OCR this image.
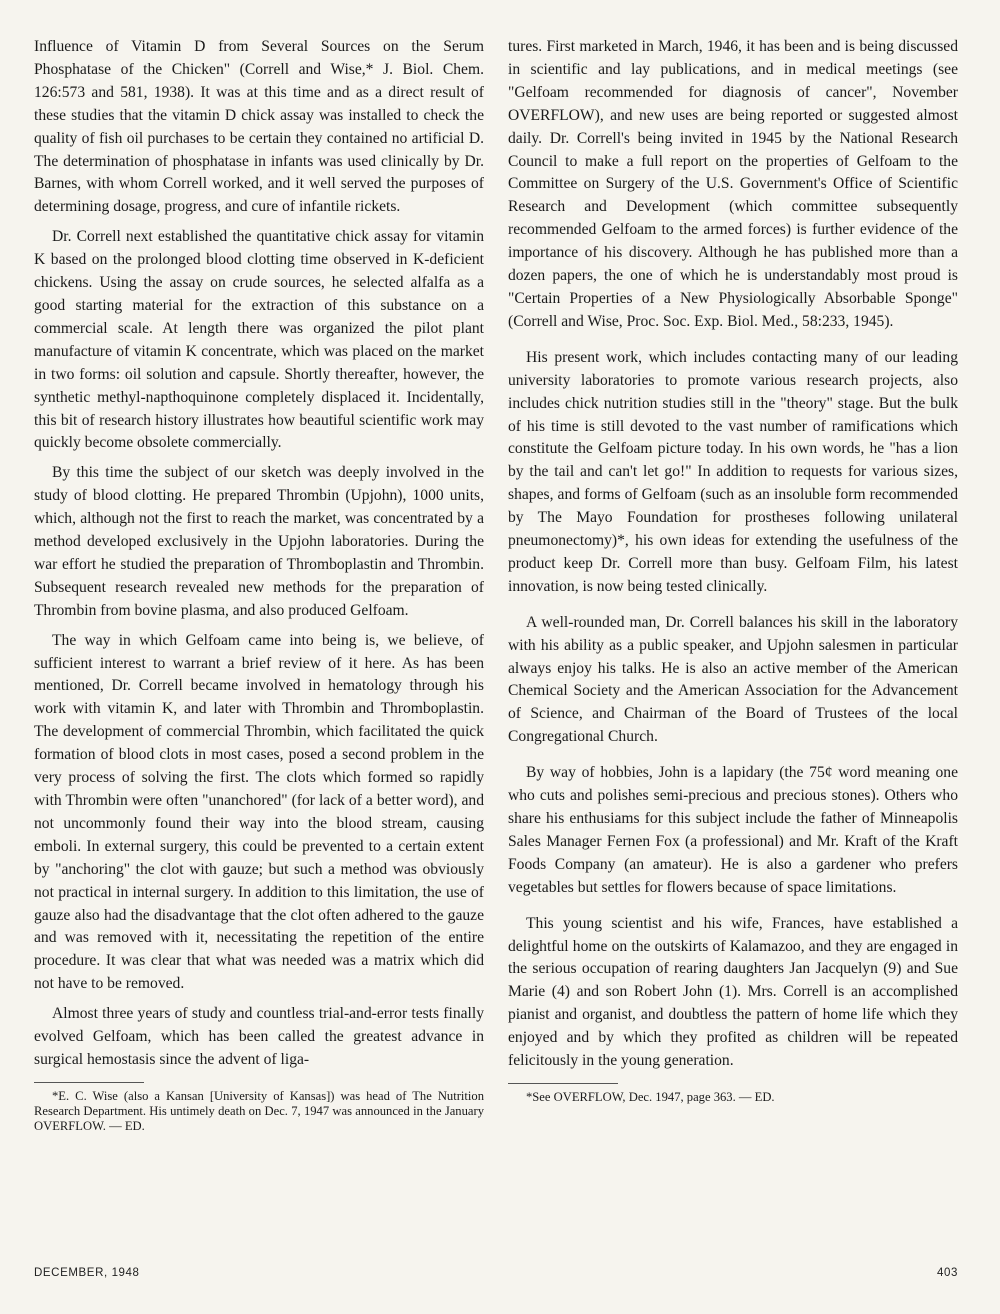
Influence of Vitamin D from Several Sources on the Serum Phosphatase of the Chicken" (Correll and Wise,* J. Biol. Chem. 126:573 and 581, 1938). It was at this time and as a direct result of these studies that the vitamin D chick assay was installed to check the quality of fish oil purchases to be certain they contained no artificial D. The determination of phosphatase in infants was used clinically by Dr. Barnes, with whom Correll worked, and it well served the purposes of determining dosage, progress, and cure of infantile rickets.

Dr. Correll next established the quantitative chick assay for vitamin K based on the prolonged blood clotting time observed in K-deficient chickens. Using the assay on crude sources, he selected alfalfa as a good starting material for the extraction of this substance on a commercial scale. At length there was organized the pilot plant manufacture of vitamin K concentrate, which was placed on the market in two forms: oil solution and capsule. Shortly thereafter, however, the synthetic methyl-napthoquinone completely displaced it. Incidentally, this bit of research history illustrates how beautiful scientific work may quickly become obsolete commercially.

By this time the subject of our sketch was deeply involved in the study of blood clotting. He prepared Thrombin (Upjohn), 1000 units, which, although not the first to reach the market, was concentrated by a method developed exclusively in the Upjohn laboratories. During the war effort he studied the preparation of Thromboplastin and Thrombin. Subsequent research revealed new methods for the preparation of Thrombin from bovine plasma, and also produced Gelfoam.

The way in which Gelfoam came into being is, we believe, of sufficient interest to warrant a brief review of it here. As has been mentioned, Dr. Correll became involved in hematology through his work with vitamin K, and later with Thrombin and Thromboplastin. The development of commercial Thrombin, which facilitated the quick formation of blood clots in most cases, posed a second problem in the very process of solving the first. The clots which formed so rapidly with Thrombin were often "unanchored" (for lack of a better word), and not uncommonly found their way into the blood stream, causing emboli. In external surgery, this could be prevented to a certain extent by "anchoring" the clot with gauze; but such a method was obviously not practical in internal surgery. In addition to this limitation, the use of gauze also had the disadvantage that the clot often adhered to the gauze and was removed with it, necessitating the repetition of the entire procedure. It was clear that what was needed was a matrix which did not have to be removed.

Almost three years of study and countless trial-and-error tests finally evolved Gelfoam, which has been called the greatest advance in surgical hemostasis since the advent of liga-

*E. C. Wise (also a Kansan [University of Kansas]) was head of The Nutrition Research Department. His untimely death on Dec. 7, 1947 was announced in the January OVERFLOW. — ED.

tures. First marketed in March, 1946, it has been and is being discussed in scientific and lay publications, and in medical meetings (see "Gelfoam recommended for diagnosis of cancer", November OVERFLOW), and new uses are being reported or suggested almost daily. Dr. Correll's being invited in 1945 by the National Research Council to make a full report on the properties of Gelfoam to the Committee on Surgery of the U.S. Government's Office of Scientific Research and Development (which committee subsequently recommended Gelfoam to the armed forces) is further evidence of the importance of his discovery. Although he has published more than a dozen papers, the one of which he is understandably most proud is "Certain Properties of a New Physiologically Absorbable Sponge" (Correll and Wise, Proc. Soc. Exp. Biol. Med., 58:233, 1945).

His present work, which includes contacting many of our leading university laboratories to promote various research projects, also includes chick nutrition studies still in the "theory" stage. But the bulk of his time is still devoted to the vast number of ramifications which constitute the Gelfoam picture today. In his own words, he "has a lion by the tail and can't let go!" In addition to requests for various sizes, shapes, and forms of Gelfoam (such as an insoluble form recommended by The Mayo Foundation for prostheses following unilateral pneumonectomy)*, his own ideas for extending the usefulness of the product keep Dr. Correll more than busy. Gelfoam Film, his latest innovation, is now being tested clinically.

A well-rounded man, Dr. Correll balances his skill in the laboratory with his ability as a public speaker, and Upjohn salesmen in particular always enjoy his talks. He is also an active member of the American Chemical Society and the American Association for the Advancement of Science, and Chairman of the Board of Trustees of the local Congregational Church.

By way of hobbies, John is a lapidary (the 75¢ word meaning one who cuts and polishes semi-precious and precious stones). Others who share his enthusiams for this subject include the father of Minneapolis Sales Manager Fernen Fox (a professional) and Mr. Kraft of the Kraft Foods Company (an amateur). He is also a gardener who prefers vegetables but settles for flowers because of space limitations.

This young scientist and his wife, Frances, have established a delightful home on the outskirts of Kalamazoo, and they are engaged in the serious occupation of rearing daughters Jan Jacquelyn (9) and Sue Marie (4) and son Robert John (1). Mrs. Correll is an accomplished pianist and organist, and doubtless the pattern of home life which they enjoyed and by which they profited as children will be repeated felicitously in the young generation.

*See OVERFLOW, Dec. 1947, page 363. — ED.

DECEMBER, 1948	403
